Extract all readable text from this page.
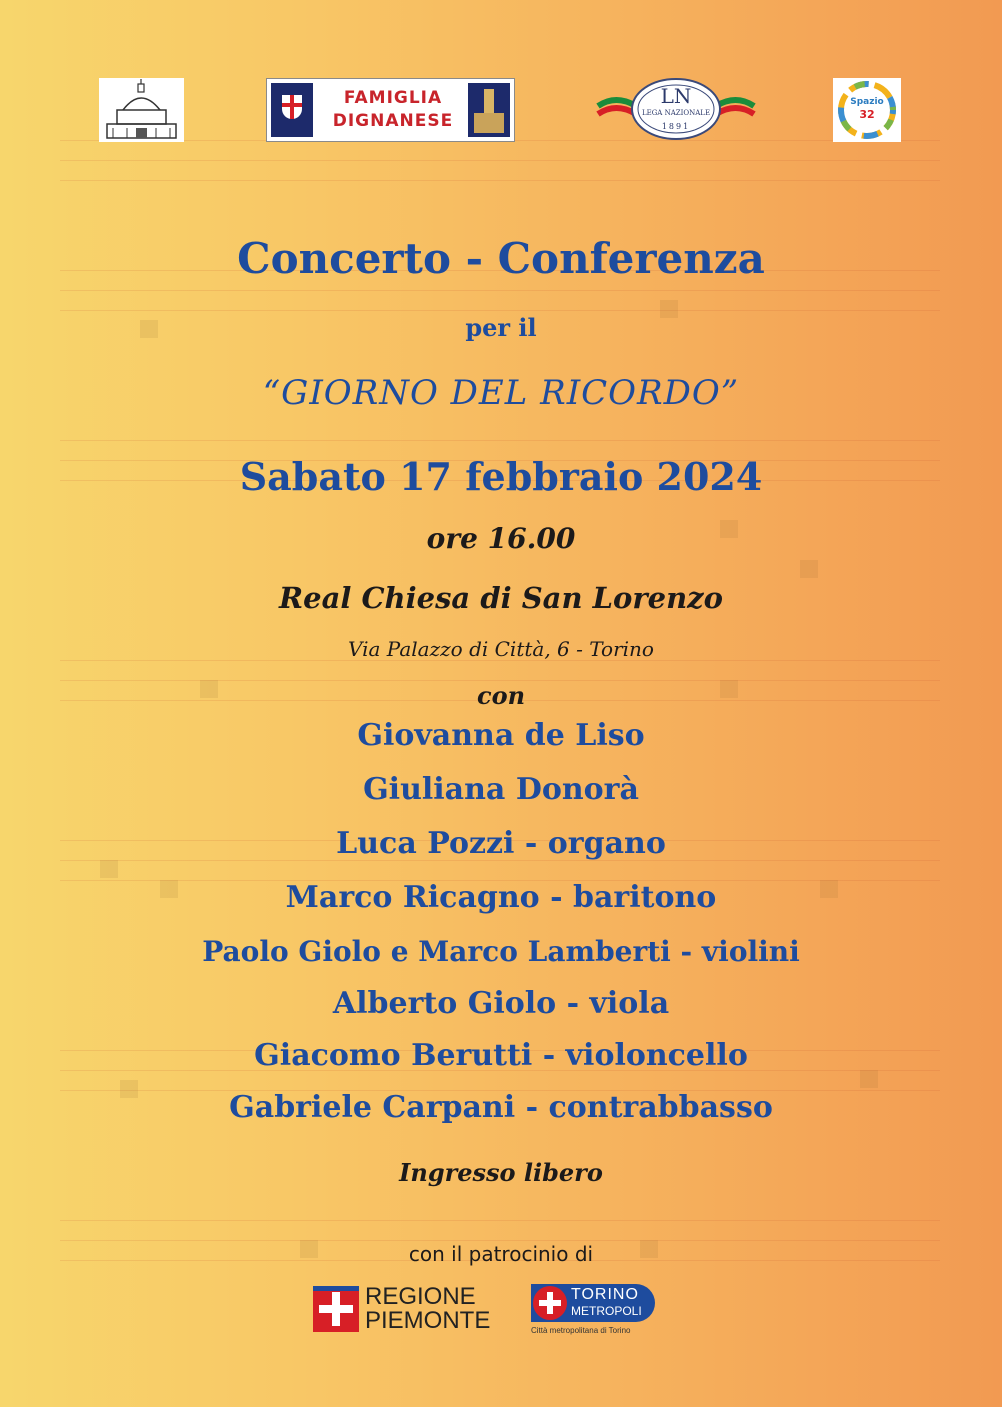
FAMIGLIA
DIGNANESE
LN
LEGA NAZIONALE
1891
Spazio
32
Concerto - Conferenza
per il
“GIORNO DEL RICORDO”
Sabato 17 febbraio 2024
ore 16.00
Real Chiesa di San Lorenzo
Via Palazzo di Città, 6 - Torino
con
Giovanna de Liso
Giuliana Donorà
Luca Pozzi - organo
Marco Ricagno - baritono
Paolo Giolo e Marco Lamberti - violini
Alberto Giolo - viola
Giacomo Berutti - violoncello
Gabriele Carpani - contrabbasso
Ingresso libero
con il patrocinio di
REGIONE
PIEMONTE
TORINO
METROPOLI
Città metropolitana di Torino
